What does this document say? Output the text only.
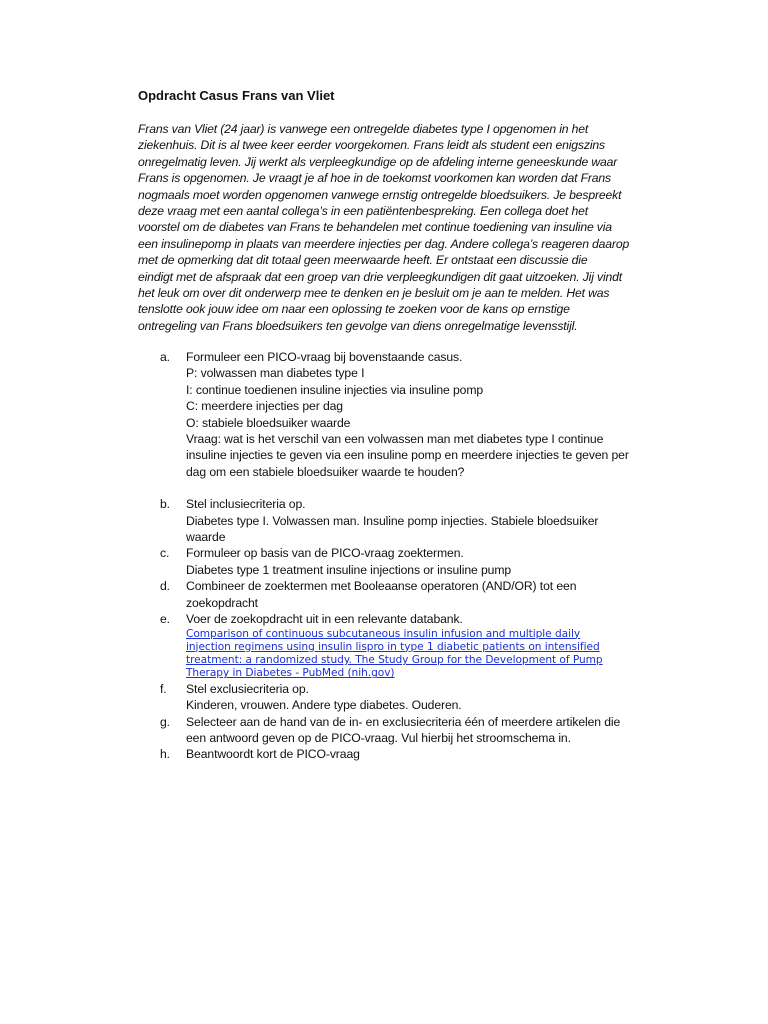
Opdracht Casus Frans van Vliet

Frans van Vliet (24 jaar) is vanwege een ontregelde diabetes type I opgenomen in het

ziekenhuis. Dit is al twee keer eerder voorgekomen. Frans leidt als student een enigszins

onregelmatig leven. Jij werkt als verpleegkundige op de afdeling interne geneeskunde waar

Frans is opgenomen. Je vraagt je af hoe in de toekomst voorkomen kan worden dat Frans

nogmaals moet worden opgenomen vanwege ernstig ontregelde bloedsuikers. Je bespreekt

deze vraag met een aantal collega’s in een patiëntenbespreking. Een collega doet het

voorstel om de diabetes van Frans te behandelen met continue toediening van insuline via

een insulinepomp in plaats van meerdere injecties per dag. Andere collega’s reageren daarop

met de opmerking dat dit totaal geen meerwaarde heeft. Er ontstaat een discussie die

eindigt met de afspraak dat een groep van drie verpleegkundigen dit gaat uitzoeken. Jij vindt

het leuk om over dit onderwerp mee te denken en je besluit om je aan te melden. Het was

tenslotte ook jouw idee om naar een oplossing te zoeken voor de kans op ernstige

ontregeling van Frans bloedsuikers ten gevolge van diens onregelmatige levensstijl.

a. Formuleer een PICO-vraag bij bovenstaande casus.
P: volwassen man diabetes type I
I: continue toedienen insuline injecties via insuline pomp
C: meerdere injecties per dag
O: stabiele bloedsuiker waarde
Vraag: wat is het verschil van een volwassen man met diabetes type I continue
insuline injecties te geven via een insuline pomp en meerdere injecties te geven per
dag om een stabiele bloedsuiker waarde te houden?
b. Stel inclusiecriteria op.
Diabetes type I. Volwassen man. Insuline pomp injecties. Stabiele bloedsuiker
waarde
c. Formuleer op basis van de PICO-vraag zoektermen.
Diabetes type 1 treatment insuline injections or insuline pump
d. Combineer de zoektermen met Booleaanse operatoren (AND/OR) tot een
zoekopdracht
e. Voer de zoekopdracht uit in een relevante databank.
Comparison of continuous subcutaneous insulin infusion and multiple daily
injection regimens using insulin lispro in type 1 diabetic patients on intensified
treatment: a randomized study. The Study Group for the Development of Pump
Therapy in Diabetes - PubMed (nih.gov)
f. Stel exclusiecriteria op.
Kinderen, vrouwen. Andere type diabetes. Ouderen.
g. Selecteer aan de hand van de in- en exclusiecriteria één of meerdere artikelen die
een antwoord geven op de PICO-vraag. Vul hierbij het stroomschema in.
h. Beantwoordt kort de PICO-vraag
